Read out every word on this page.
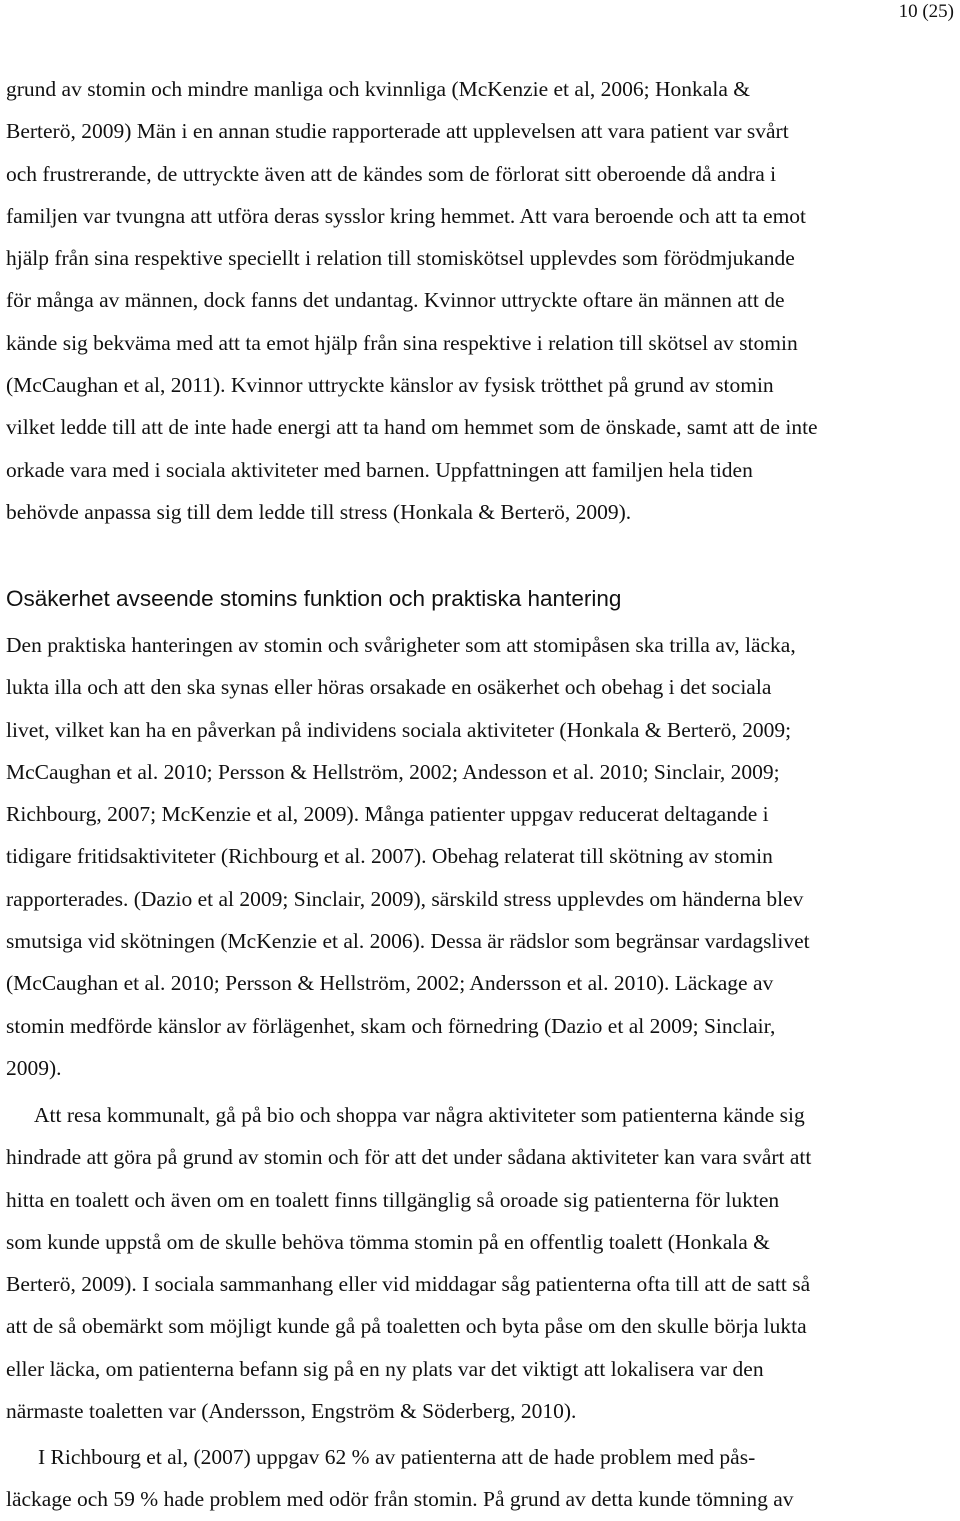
10 (25)

grund av stomin och mindre manliga och kvinnliga (McKenzie et al, 2006; Honkala &
Berterö, 2009) Män i en annan studie rapporterade att upplevelsen att vara patient var svårt
och frustrerande, de uttryckte även att de kändes som de förlorat sitt oberoende då andra i
familjen var tvungna att utföra deras sysslor kring hemmet. Att vara beroende och att ta emot
hjälp från sina respektive speciellt i relation till stomiskötsel upplevdes som förödmjukande
för många av männen, dock fanns det undantag. Kvinnor uttryckte oftare än männen att de
kände sig bekväma med att ta emot hjälp från sina respektive i relation till skötsel av stomin
(McCaughan et al, 2011). Kvinnor uttryckte känslor av fysisk trötthet på grund av stomin
vilket ledde till att de inte hade energi att ta hand om hemmet som de önskade, samt att de inte
orkade vara med i sociala aktiviteter med barnen. Uppfattningen att familjen hela tiden
behövde anpassa sig till dem ledde till stress (Honkala & Berterö, 2009).

Osäkerhet avseende stomins funktion och praktiska hantering

Den praktiska hanteringen av stomin och svårigheter som att stomipåsen ska trilla av, läcka,
lukta illa och att den ska synas eller höras orsakade en osäkerhet och obehag i det sociala
livet, vilket kan ha en påverkan på individens sociala aktiviteter (Honkala & Berterö, 2009;
McCaughan et al. 2010; Persson & Hellström, 2002; Andesson et al. 2010; Sinclair, 2009;
Richbourg, 2007; McKenzie et al, 2009). Många patienter uppgav reducerat deltagande i
tidigare fritidsaktiviteter (Richbourg et al. 2007). Obehag relaterat till skötning av stomin
rapporterades. (Dazio et al 2009; Sinclair, 2009), särskild stress upplevdes om händerna blev
smutsiga vid skötningen (McKenzie et al. 2006). Dessa är rädslor som begränsar vardagslivet
(McCaughan et al. 2010; Persson & Hellström, 2002; Andersson et al. 2010). Läckage av
stomin medförde känslor av förlägenhet, skam och förnedring (Dazio et al 2009; Sinclair,
2009).

Att resa kommunalt, gå på bio och shoppa var några aktiviteter som patienterna kände sig
hindrade att göra på grund av stomin och för att det under sådana aktiviteter kan vara svårt att
hitta en toalett och även om en toalett finns tillgänglig så oroade sig patienterna för lukten
som kunde uppstå om de skulle behöva tömma stomin på en offentlig toalett (Honkala &
Berterö, 2009). I sociala sammanhang eller vid middagar såg patienterna ofta till att de satt så
att de så obemärkt som möjligt kunde gå på toaletten och byta påse om den skulle börja lukta
eller läcka, om patienterna befann sig på en ny plats var det viktigt att lokalisera var den
närmaste toaletten var (Andersson, Engström & Söderberg, 2010).

I Richbourg et al, (2007) uppgav 62 % av patienterna att de hade problem med pås-
läckage och 59 % hade problem med odör från stomin. På grund av detta kunde tömning av
